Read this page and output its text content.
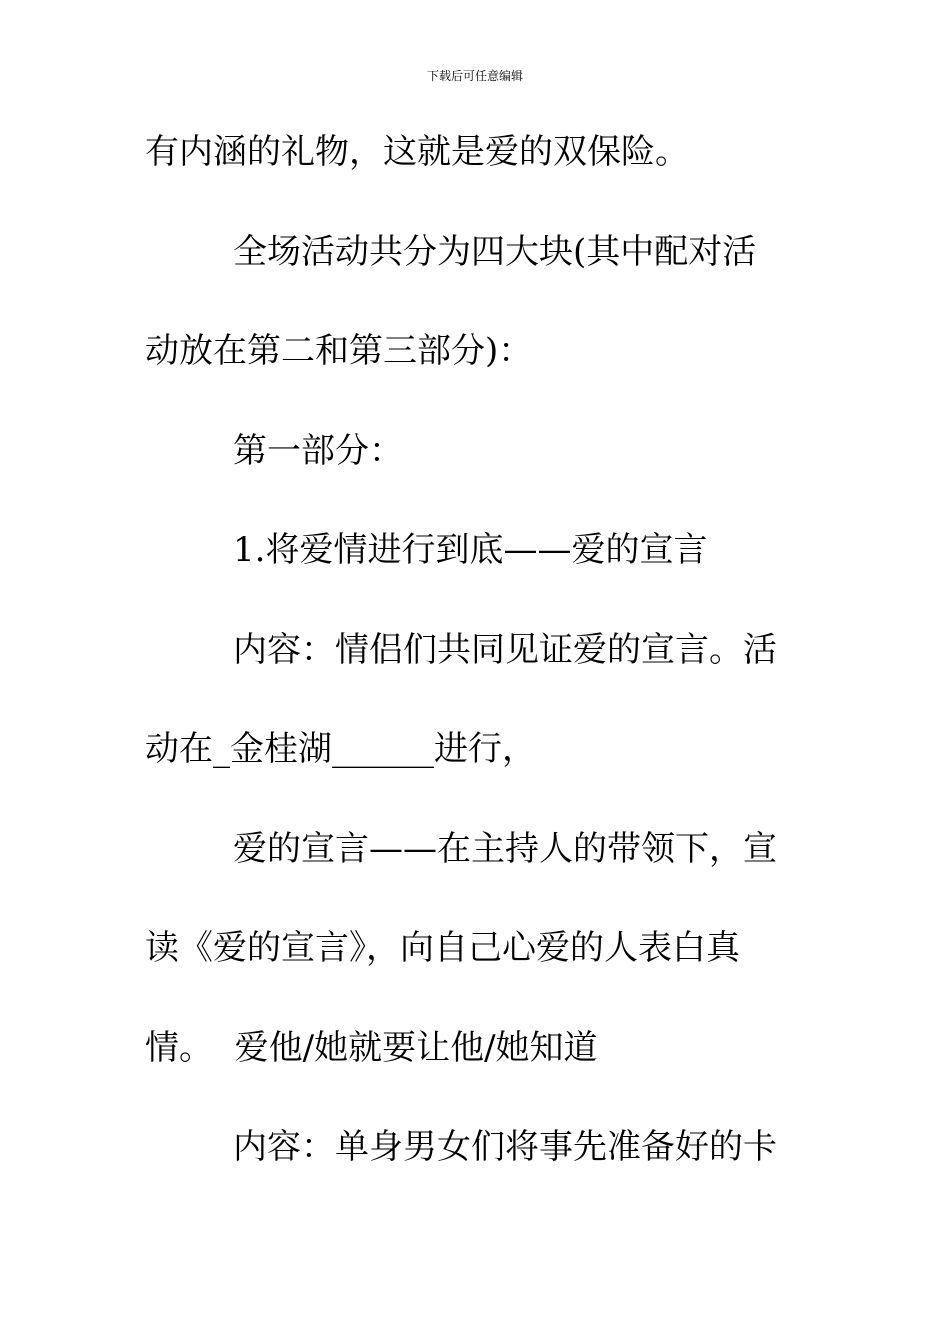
下载后可任意编辑
有内涵的礼物，这就是爱的双保险。
全场活动共分为四大块(其中配对活
动放在第二和第三部分)：
第一部分：
1.将爱情进行到底——爱的宣言
内容：情侣们共同见证爱的宣言。活
动在_金桂湖______进行，
爱的宣言——在主持人的带领下，宣
读《爱的宣言》，向自己心爱的人表白真
情。  爱他/她就要让他/她知道
内容：单身男女们将事先准备好的卡
